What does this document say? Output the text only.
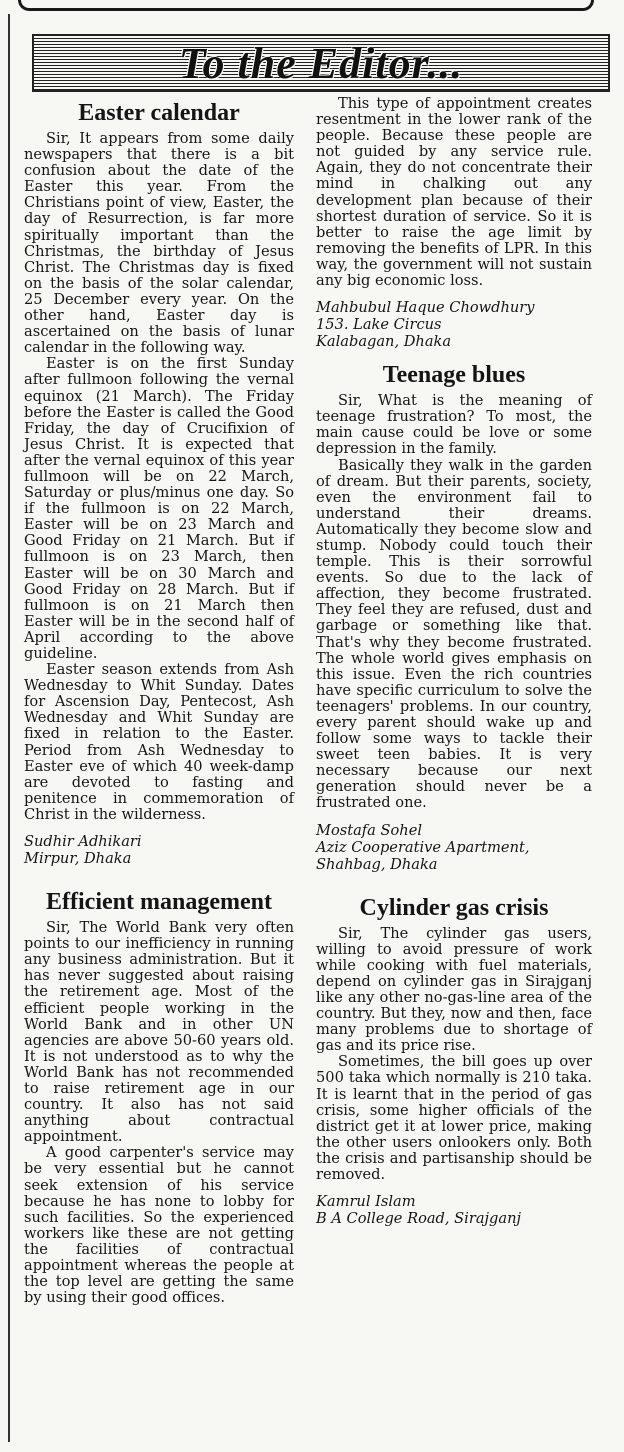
To the Editor...
Easter calendar

Sir, It appears from some daily newspapers that there is a bit confusion about the date of the Easter this year. From the Christians point of view, Easter, the day of Resurrection, is far more spiritually important than the Christmas, the birthday of Jesus Christ. The Christmas day is fixed on the basis of the solar calendar, 25 December every year. On the other hand, Easter day is ascertained on the basis of lunar calendar in the following way.

Easter is on the first Sunday after fullmoon following the vernal equinox (21 March). The Friday before the Easter is called the Good Friday, the day of Crucifixion of Jesus Christ. It is expected that after the vernal equinox of this year fullmoon will be on 22 March, Saturday or plus/minus one day. So if the fullmoon is on 22 March, Easter will be on 23 March and Good Friday on 21 March. But if fullmoon is on 23 March, then Easter will be on 30 March and Good Friday on 28 March. But if fullmoon is on 21 March then Easter will be in the second half of April according to the above guideline.

Easter season extends from Ash Wednesday to Whit Sunday. Dates for Ascension Day, Pentecost, Ash Wednesday and Whit Sunday are fixed in relation to the Easter. Period from Ash Wednesday to Easter eve of which 40 week-damp are devoted to fasting and penitence in commemoration of Christ in the wilderness.

Sudhir Adhikari
Mirpur, Dhaka
Efficient management

Sir, The World Bank very often points to our inefficiency in running any business administration. But it has never suggested about raising the retirement age. Most of the efficient people working in the World Bank and in other UN agencies are above 50-60 years old. It is not understood as to why the World Bank has not recommended to raise retirement age in our country. It also has not said anything about contractual appointment.

A good carpenter's service may be very essential but he cannot seek extension of his service because he has none to lobby for such facilities. So the experienced workers like these are not getting the facilities of contractual appointment whereas the people at the top level are getting the same by using their good offices.

This type of appointment creates resentment in the lower rank of the people. Because these people are not guided by any service rule. Again, they do not concentrate their mind in chalking out any development plan because of their shortest duration of service. So it is better to raise the age limit by removing the benefits of LPR. In this way, the government will not sustain any big economic loss.

Mahbubul Haque Chowdhury
153. Lake Circus
Kalabagan, Dhaka
Teenage blues

Sir, What is the meaning of teenage frustration? To most, the main cause could be love or some depression in the family.

Basically they walk in the garden of dream. But their parents, society, even the environment fail to understand their dreams. Automatically they become slow and stump. Nobody could touch their temple. This is their sorrowful events. So due to the lack of affection, they become frustrated. They feel they are refused, dust and garbage or something like that. That's why they become frustrated. The whole world gives emphasis on this issue. Even the rich countries have specific curriculum to solve the teenagers' problems. In our country, every parent should wake up and follow some ways to tackle their sweet teen babies. It is very necessary because our next generation should never be a frustrated one.

Mostafa Sohel
Aziz Cooperative Apartment,
Shahbag, Dhaka
Cylinder gas crisis

Sir, The cylinder gas users, willing to avoid pressure of work while cooking with fuel materials, depend on cylinder gas in Sirajganj like any other no-gas-line area of the country. But they, now and then, face many problems due to shortage of gas and its price rise.

Sometimes, the bill goes up over 500 taka which normally is 210 taka. It is learnt that in the period of gas crisis, some higher officials of the district get it at lower price, making the other users onlookers only. Both the crisis and partisanship should be removed.

Kamrul Islam
B A College Road, Sirajganj
